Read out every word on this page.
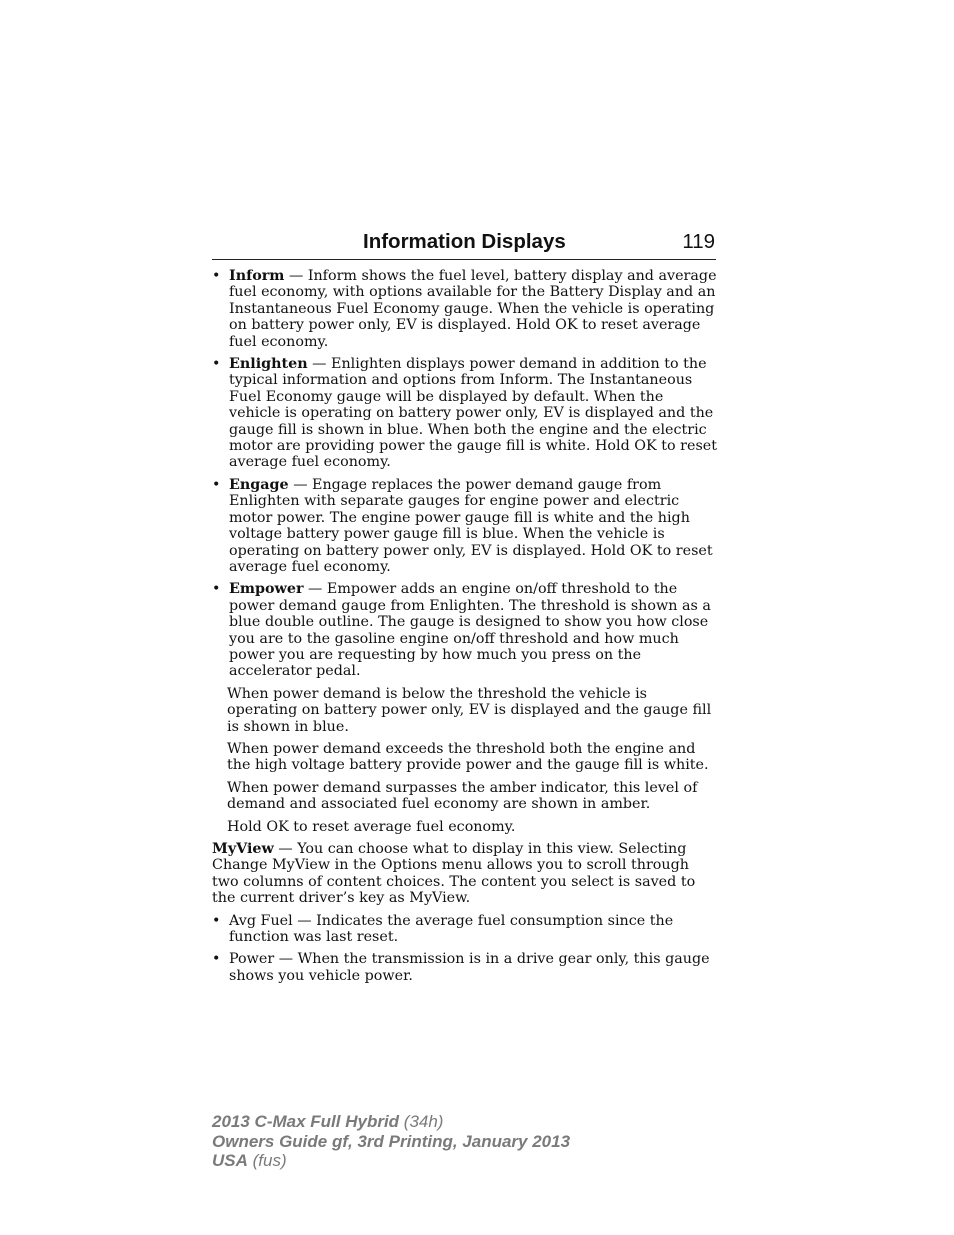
Information Displays	119
• Inform — Inform shows the fuel level, battery display and average fuel economy, with options available for the Battery Display and an Instantaneous Fuel Economy gauge. When the vehicle is operating on battery power only, EV is displayed. Hold OK to reset average fuel economy.
• Enlighten — Enlighten displays power demand in addition to the typical information and options from Inform. The Instantaneous Fuel Economy gauge will be displayed by default. When the vehicle is operating on battery power only, EV is displayed and the gauge fill is shown in blue. When both the engine and the electric motor are providing power the gauge fill is white. Hold OK to reset average fuel economy.
• Engage — Engage replaces the power demand gauge from Enlighten with separate gauges for engine power and electric motor power. The engine power gauge fill is white and the high voltage battery power gauge fill is blue. When the vehicle is operating on battery power only, EV is displayed. Hold OK to reset average fuel economy.
• Empower — Empower adds an engine on/off threshold to the power demand gauge from Enlighten. The threshold is shown as a blue double outline. The gauge is designed to show you how close you are to the gasoline engine on/off threshold and how much power you are requesting by how much you press on the accelerator pedal.
When power demand is below the threshold the vehicle is operating on battery power only, EV is displayed and the gauge fill is shown in blue.
When power demand exceeds the threshold both the engine and the high voltage battery provide power and the gauge fill is white.
When power demand surpasses the amber indicator, this level of demand and associated fuel economy are shown in amber.
Hold OK to reset average fuel economy.
MyView — You can choose what to display in this view. Selecting Change MyView in the Options menu allows you to scroll through two columns of content choices. The content you select is saved to the current driver’s key as MyView.
• Avg Fuel — Indicates the average fuel consumption since the function was last reset.
• Power — When the transmission is in a drive gear only, this gauge shows you vehicle power.
2013 C-Max Full Hybrid (34h)
Owners Guide gf, 3rd Printing, January 2013
USA (fus)
